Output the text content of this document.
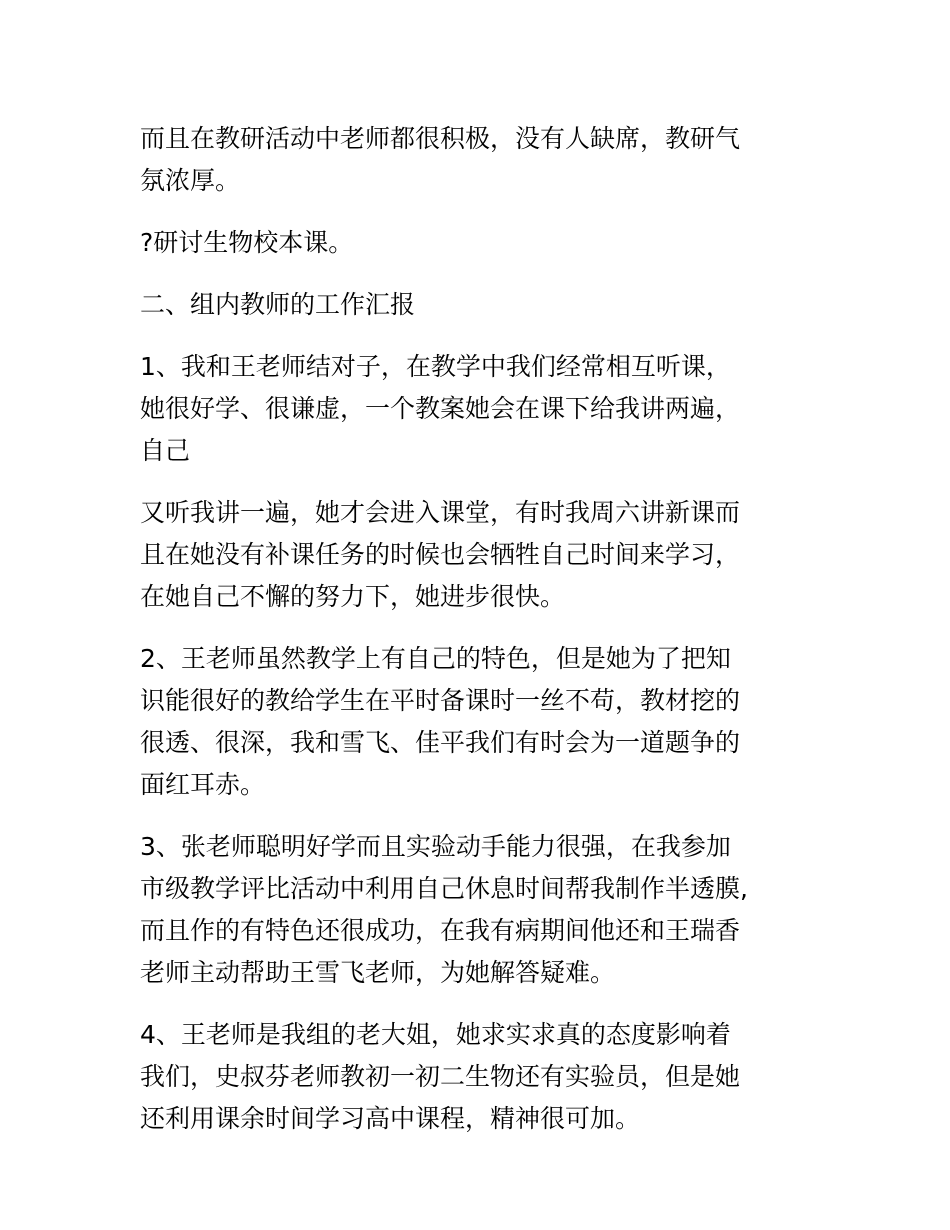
而且在教研活动中老师都很积极，没有人缺席，教研气
氛浓厚。

?研讨生物校本课。

二、组内教师的工作汇报

1、我和王老师结对子，在教学中我们经常相互听课，
她很好学、很谦虚，一个教案她会在课下给我讲两遍，
自己

又听我讲一遍，她才会进入课堂，有时我周六讲新课而
且在她没有补课任务的时候也会牺牲自己时间来学习，
在她自己不懈的努力下，她进步很快。

2、王老师虽然教学上有自己的特色，但是她为了把知
识能很好的教给学生在平时备课时一丝不苟，教材挖的
很透、很深，我和雪飞、佳平我们有时会为一道题争的
面红耳赤。

3、张老师聪明好学而且实验动手能力很强，在我参加
市级教学评比活动中利用自己休息时间帮我制作半透膜,
而且作的有特色还很成功，在我有病期间他还和王瑞香
老师主动帮助王雪飞老师，为她解答疑难。

4、王老师是我组的老大姐，她求实求真的态度影响着
我们，史叔芬老师教初一初二生物还有实验员，但是她
还利用课余时间学习高中课程，精神很可加。
